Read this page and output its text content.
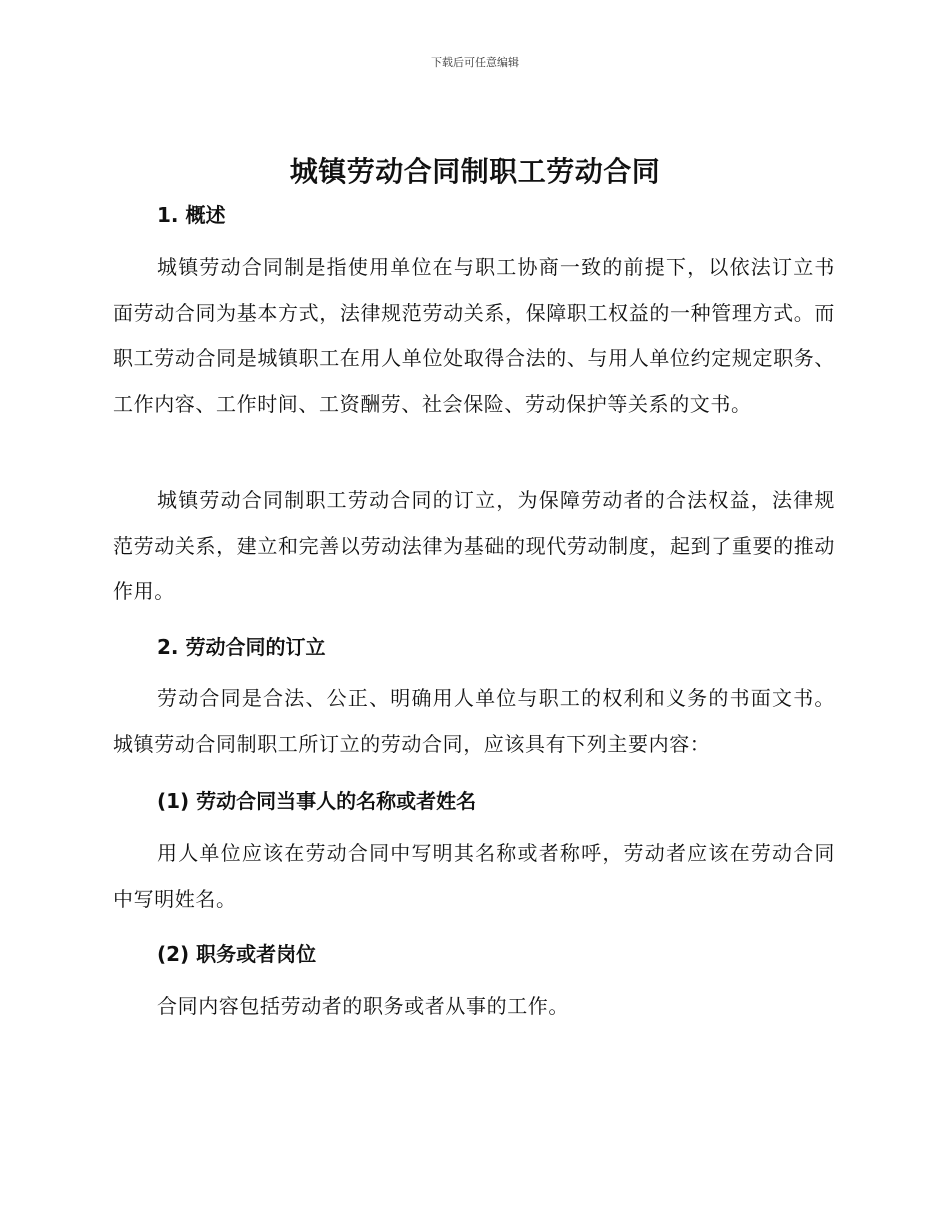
下载后可任意编辑
城镇劳动合同制职工劳动合同
1. 概述

城镇劳动合同制是指使用单位在与职工协商一致的前提下，以依法订立书面劳动合同为基本方式，法律规范劳动关系，保障职工权益的一种管理方式。而职工劳动合同是城镇职工在用人单位处取得合法的、与用人单位约定规定职务、工作内容、工作时间、工资酬劳、社会保险、劳动保护等关系的文书。

城镇劳动合同制职工劳动合同的订立，为保障劳动者的合法权益，法律规范劳动关系，建立和完善以劳动法律为基础的现代劳动制度，起到了重要的推动作用。

2. 劳动合同的订立

劳动合同是合法、公正、明确用人单位与职工的权利和义务的书面文书。城镇劳动合同制职工所订立的劳动合同，应该具有下列主要内容：

(1) 劳动合同当事人的名称或者姓名

用人单位应该在劳动合同中写明其名称或者称呼，劳动者应该在劳动合同中写明姓名。

(2) 职务或者岗位

合同内容包括劳动者的职务或者从事的工作。
